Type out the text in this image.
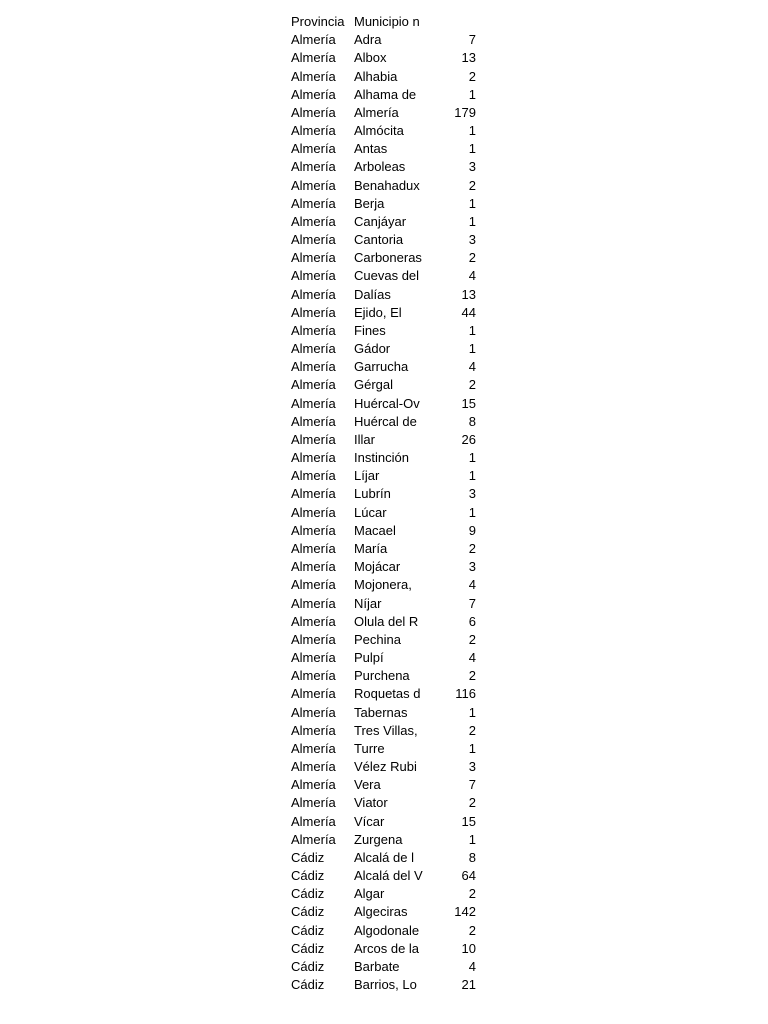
Provincia Municipio n
Almería	Adra	7
Almería	Albox	13
Almería	Alhabia	2
Almería	Alhama de	1
Almería	Almería	179
Almería	Almócita	1
Almería	Antas	1
Almería	Arboleas	3
Almería	Benahadux	2
Almería	Berja	1
Almería	Canjáyar	1
Almería	Cantoria	3
Almería	Carboneras	2
Almería	Cuevas del	4
Almería	Dalías	13
Almería	Ejido, El	44
Almería	Fines	1
Almería	Gádor	1
Almería	Garrucha	4
Almería	Gérgal	2
Almería	Huércal-Ov	15
Almería	Huércal de	8
Almería	Illar	26
Almería	Instinción	1
Almería	Líjar	1
Almería	Lubrín	3
Almería	Lúcar	1
Almería	Macael	9
Almería	María	2
Almería	Mojácar	3
Almería	Mojonera,	4
Almería	Níjar	7
Almería	Olula del R	6
Almería	Pechina	2
Almería	Pulpí	4
Almería	Purchena	2
Almería	Roquetas d	116
Almería	Tabernas	1
Almería	Tres Villas,	2
Almería	Turre	1
Almería	Vélez Rubi	3
Almería	Vera	7
Almería	Viator	2
Almería	Vícar	15
Almería	Zurgena	1
Cádiz	Alcalá de l	8
Cádiz	Alcalá del V	64
Cádiz	Algar	2
Cádiz	Algeciras	142
Cádiz	Algodonale	2
Cádiz	Arcos de la	10
Cádiz	Barbate	4
Cádiz	Barrios, Lo	21
